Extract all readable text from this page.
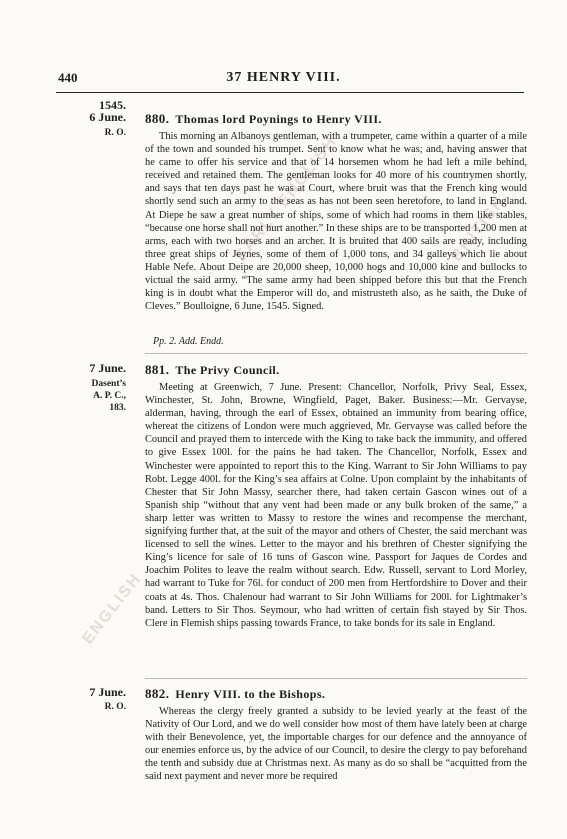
440	37 HENRY VIII.
BRITISH
EARLY ENGLISH
ENGLISH
1545.
6 June.
R. O.
880. Thomas lord Poynings to Henry VIII.
This morning an Albanoys gentleman, with a trumpeter, came within a quarter of a mile of the town and sounded his trumpet. Sent to know what he was; and, having answer that he came to offer his service and that of 14 horsemen whom he had left a mile behind, received and retained them. The gentleman looks for 40 more of his countrymen shortly, and says that ten days past he was at Court, where bruit was that the French king would shortly send such an army to the seas as has not been seen heretofore, to land in England. At Diepe he saw a great number of ships, some of which had rooms in them like stables, “because one horse shall not hurt another.” In these ships are to be transported 1,200 men at arms, each with two horses and an archer. It is bruited that 400 sails are ready, including three great ships of Jeynes, some of them of 1,000 tons, and 34 galleys which lie about Hable Nefe. About Deipe are 20,000 sheep, 10,000 hogs and 10,000 kine and bullocks to victual the said army. “The same army had been shipped before this but that the French king is in doubt what the Emperor will do, and mistrusteth also, as he saith, the Duke of Cleves.” Boulloigne, 6 June, 1545. Signed.
Pp. 2. Add. Endd.
7 June.
Dasent’s A. P. C., 183.
881. The Privy Council.
Meeting at Greenwich, 7 June. Present: Chancellor, Norfolk, Privy Seal, Essex, Winchester, St. John, Browne, Wingfield, Paget, Baker. Business:—Mr. Gervayse, alderman, having, through the earl of Essex, obtained an immunity from bearing office, whereat the citizens of London were much aggrieved, Mr. Gervayse was called before the Council and prayed them to intercede with the King to take back the immunity, and offered to give Essex 100l. for the pains he had taken. The Chancellor, Norfolk, Essex and Winchester were appointed to report this to the King. Warrant to Sir John Williams to pay Robt. Legge 400l. for the King’s sea affairs at Colne. Upon complaint by the inhabitants of Chester that Sir John Massy, searcher there, had taken certain Gascon wines out of a Spanish ship “without that any vent had been made or any bulk broken of the same,” a sharp letter was written to Massy to restore the wines and recompense the merchant, signifying further that, at the suit of the mayor and others of Chester, the said merchant was licensed to sell the wines. Letter to the mayor and his brethren of Chester signifying the King’s licence for sale of 16 tuns of Gascon wine. Passport for Jaques de Cordes and Joachim Polites to leave the realm without search. Edw. Russell, servant to Lord Morley, had warrant to Tuke for 76l. for conduct of 200 men from Hertfordshire to Dover and their coats at 4s. Thos. Chalenour had warrant to Sir John Williams for 200l. for Lightmaker’s band. Letters to Sir Thos. Seymour, who had written of certain fish stayed by Sir Thos. Clere in Flemish ships passing towards France, to take bonds for its sale in England.
7 June.
R. O.
882. Henry VIII. to the Bishops.
Whereas the clergy freely granted a subsidy to be levied yearly at the feast of the Nativity of Our Lord, and we do well consider how most of them have lately been at charge with their Benevolence, yet, the importable charges for our defence and the annoyance of our enemies enforce us, by the advice of our Council, to desire the clergy to pay beforehand the tenth and subsidy due at Christmas next. As many as do so shall be “acquitted from the said next payment and never more be required
